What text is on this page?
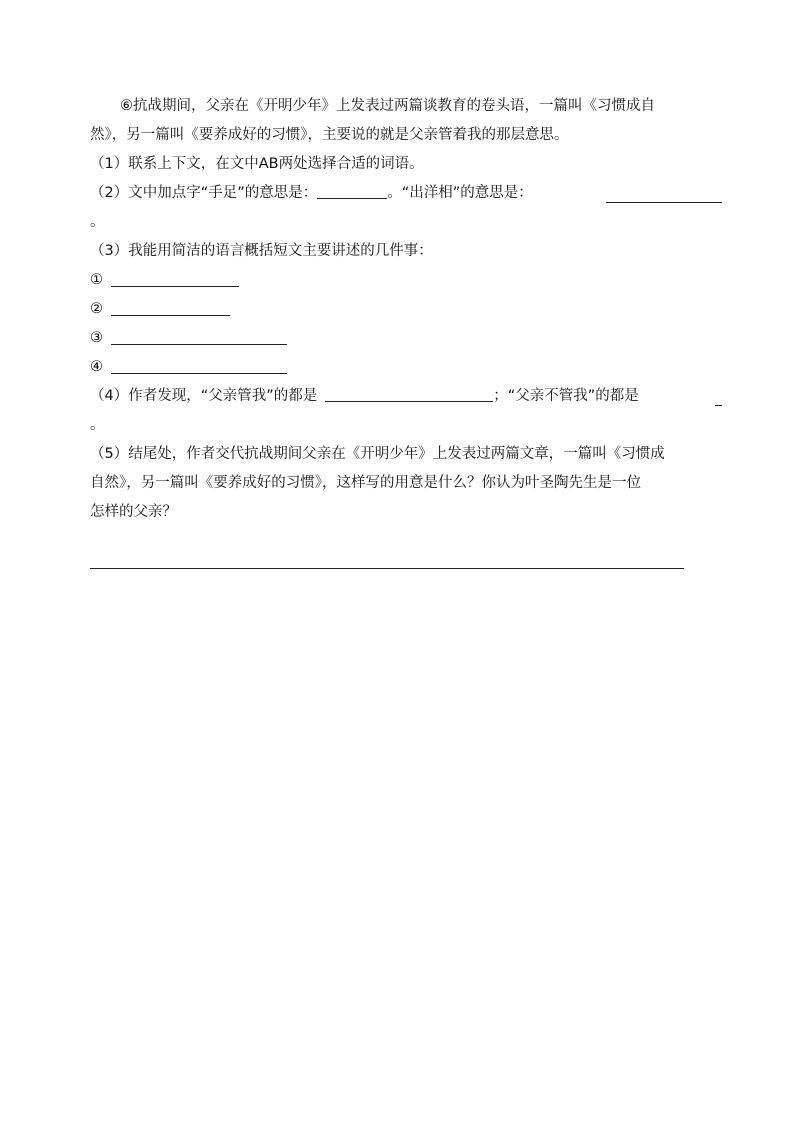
⑥抗战期间，父亲在《开明少年》上发表过两篇谈教育的卷头语，一篇叫《习惯成自
然》，另一篇叫《要养成好的习惯》，主要说的就是父亲管着我的那层意思。
（1）联系上下文，在文中AB两处选择合适的词语。
（2）文中加点字“手足”的意思是：	。“出洋相”的意思是：
。
（3）我能用简洁的语言概括短文主要讲述的几件事：
①
②
③
④
（4）作者发现，“父亲管我”的都是	；“父亲不管我”的都是
。
（5）结尾处，作者交代抗战期间父亲在《开明少年》上发表过两篇文章，一篇叫《习惯成
自然》，另一篇叫《要养成好的习惯》，这样写的用意是什么？你认为叶圣陶先生是一位
怎样的父亲？
